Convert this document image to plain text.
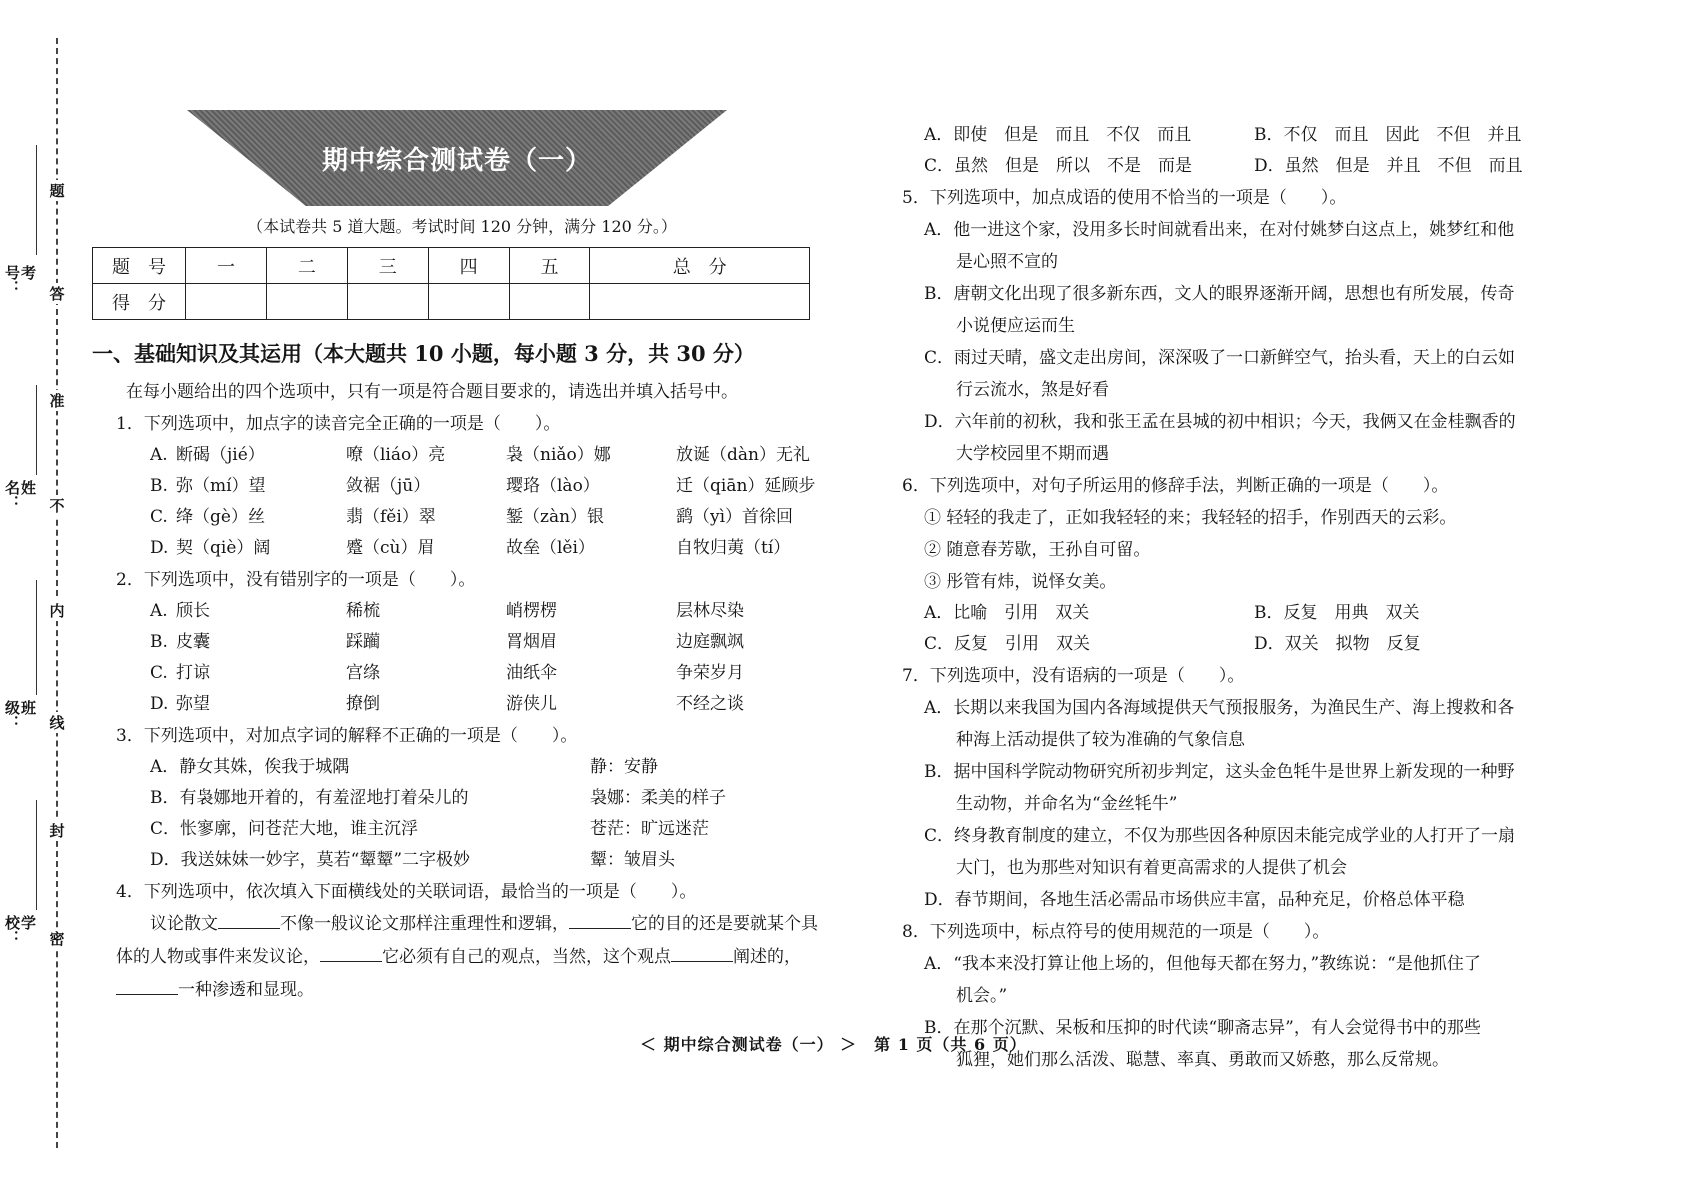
考号：
姓名：
班级：
学校：
题
答
准
不
内
线
封
密
期中综合测试卷（一）
（本试卷共 5 道大题。考试时间 120 分钟，满分 120 分。）
题　号	一	二	三	四	五	总　分
得　分						
一、基础知识及其运用（本大题共 10 小题，每小题 3 分，共 30 分）

在每小题给出的四个选项中，只有一项是符合题目要求的，请选出并填入括号中。

1．下列选项中，加点字的读音完全正确的一项是（　　）。

A. 断碣（jié）	嘹（liáo）亮	袅（niǎo）娜	放诞（dàn）无礼
B. 弥（mí）望	敛裾（jū）	璎珞（lào）	迁（qiān）延顾步
C. 绛（gè）丝	翡（fěi）翠	錾（zàn）银	鹞（yì）首徐回
D. 契（qiè）阔	蹙（cù）眉	故垒（lěi）	自牧归荑（tí）

2．下列选项中，没有错别字的一项是（　　）。

A. 颀长	稀梳	峭楞楞	层林尽染
B. 皮囊	踩躏	罥烟眉	边庭飘飒
C. 打谅	宫绦	油纸伞	争荣岁月
D. 弥望	撩倒	游侠儿	不经之谈

3．下列选项中，对加点字词的解释不正确的一项是（　　）。

A．静女其姝，俟我于城隅	静：安静
B．有袅娜地开着的，有羞涩地打着朵儿的	袅娜：柔美的样子
C．怅寥廓，问苍茫大地，谁主沉浮	苍茫：旷远迷茫
D．我送妹妹一妙字，莫若“颦颦”二字极妙	颦：皱眉头

4．下列选项中，依次填入下面横线处的关联词语，最恰当的一项是（　　）。

议论散文	不像一般议论文那样注重理性和逻辑，	它的目的还是要就某个具体的人物或事件来发议论，	它必须有自己的观点，当然，这个观点	阐述的，一种渗透和显现。

A．即使　但是　而且　不仅　而且	B．不仅　而且　因此　不但　并且
C．虽然　但是　所以　不是　而是	D．虽然　但是　并且　不但　而且

5．下列选项中，加点成语的使用不恰当的一项是（　　）。

A．他一进这个家，没用多长时间就看出来，在对付姚梦白这点上，姚梦红和他

是心照不宣的

B．唐朝文化出现了很多新东西，文人的眼界逐渐开阔，思想也有所发展，传奇

小说便应运而生

C．雨过天晴，盛文走出房间，深深吸了一口新鲜空气，抬头看，天上的白云如

行云流水，煞是好看

D．六年前的初秋，我和张王孟在县城的初中相识；今天，我俩又在金桂飘香的

大学校园里不期而遇

6．下列选项中，对句子所运用的修辞手法，判断正确的一项是（　　）。

① 轻轻的我走了，正如我轻轻的来；我轻轻的招手，作别西天的云彩。

② 随意春芳歇，王孙自可留。

③ 彤管有炜，说怿女美。

A．比喻　引用　双关	B．反复　用典　双关
C．反复　引用　双关	D．双关　拟物　反复

7．下列选项中，没有语病的一项是（　　）。

A．长期以来我国为国内各海域提供天气预报服务，为渔民生产、海上搜救和各

种海上活动提供了较为准确的气象信息

B．据中国科学院动物研究所初步判定，这头金色牦牛是世界上新发现的一种野

生动物，并命名为“金丝牦牛”

C．终身教育制度的建立，不仅为那些因各种原因未能完成学业的人打开了一扇

大门，也为那些对知识有着更高需求的人提供了机会

D．春节期间，各地生活必需品市场供应丰富，品种充足，价格总体平稳

8．下列选项中，标点符号的使用规范的一项是（　　）。

A．“我本来没打算让他上场的，但他每天都在努力，”教练说：“是他抓住了

机会。”

B．在那个沉默、呆板和压抑的时代读“聊斋志异”，有人会觉得书中的那些

狐狸，她们那么活泼、聪慧、率真、勇敢而又娇憨，那么反常规。

＜ 期中综合测试卷（一） ＞　第 1 页（共 6 页）
